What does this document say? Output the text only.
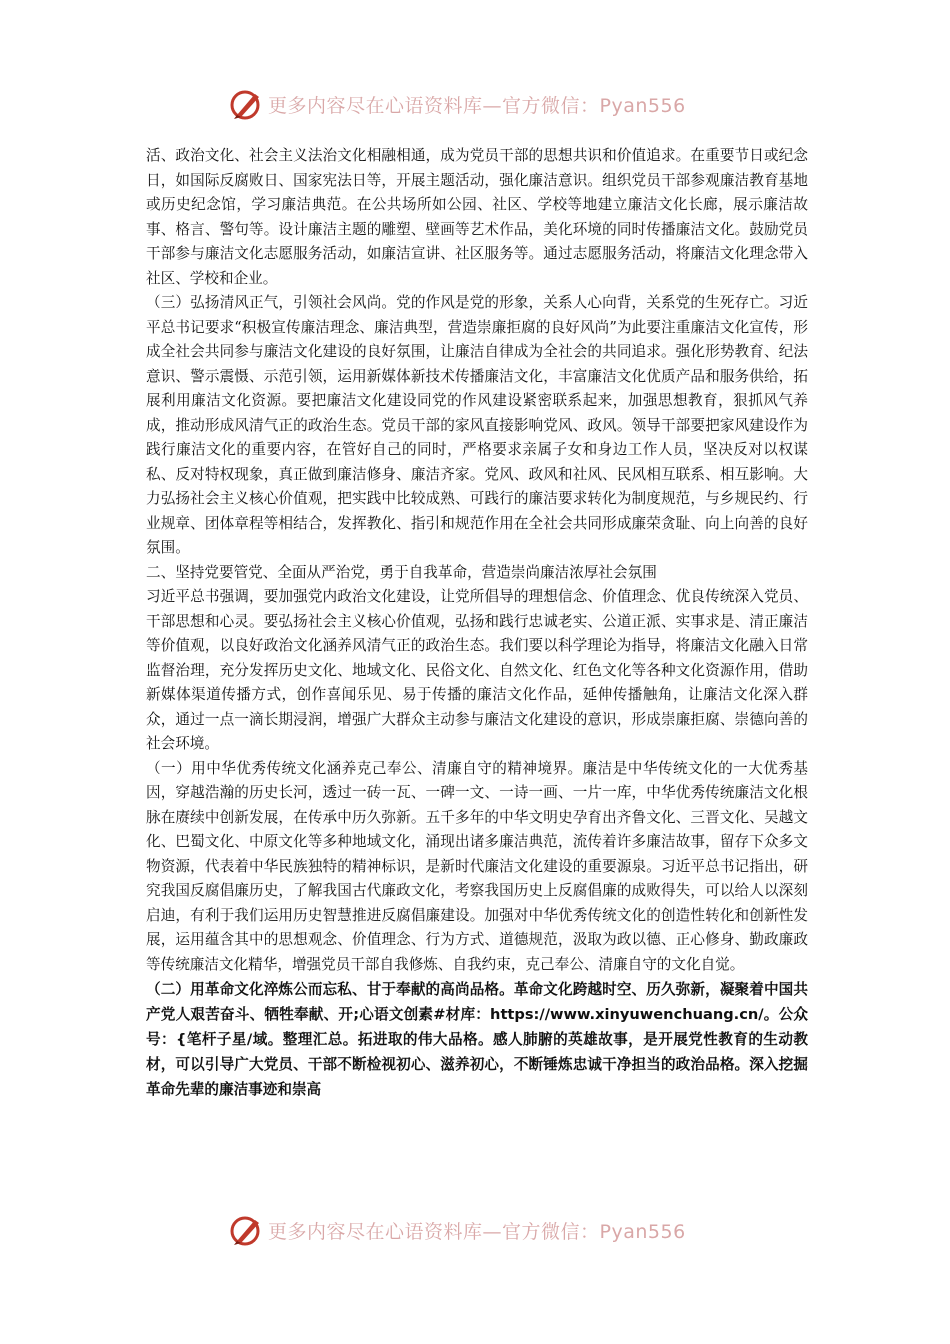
更多内容尽在心语资料库—官方微信：Pyan556

活、政治文化、社会主义法治文化相融相通，成为党员干部的思想共识和价值追求。在重要节日或纪念日，如国际反腐败日、国家宪法日等，开展主题活动，强化廉洁意识。组织党员干部参观廉洁教育基地或历史纪念馆，学习廉洁典范。在公共场所如公园、社区、学校等地建立廉洁文化长廊，展示廉洁故事、格言、警句等。设计廉洁主题的雕塑、壁画等艺术作品，美化环境的同时传播廉洁文化。鼓励党员干部参与廉洁文化志愿服务活动，如廉洁宣讲、社区服务等。通过志愿服务活动，将廉洁文化理念带入社区、学校和企业。

（三）弘扬清风正气，引领社会风尚。党的作风是党的形象，关系人心向背，关系党的生死存亡。习近平总书记要求“积极宣传廉洁理念、廉洁典型，营造崇廉拒腐的良好风尚”为此要注重廉洁文化宣传，形成全社会共同参与廉洁文化建设的良好氛围，让廉洁自律成为全社会的共同追求。强化形势教育、纪法意识、警示震慑、示范引领，运用新媒体新技术传播廉洁文化，丰富廉洁文化优质产品和服务供给，拓展利用廉洁文化资源。要把廉洁文化建设同党的作风建设紧密联系起来，加强思想教育，狠抓风气养成，推动形成风清气正的政治生态。党员干部的家风直接影响党风、政风。领导干部要把家风建设作为践行廉洁文化的重要内容，在管好自己的同时，严格要求亲属子女和身边工作人员，坚决反对以权谋私、反对特权现象，真正做到廉洁修身、廉洁齐家。党风、政风和社风、民风相互联系、相互影响。大力弘扬社会主义核心价值观，把实践中比较成熟、可践行的廉洁要求转化为制度规范，与乡规民约、行业规章、团体章程等相结合，发挥教化、指引和规范作用在全社会共同形成廉荣贪耻、向上向善的良好氛围。

二、坚持党要管党、全面从严治党，勇于自我革命，营造崇尚廉洁浓厚社会氛围

习近平总书强调，要加强党内政治文化建设，让党所倡导的理想信念、价值理念、优良传统深入党员、干部思想和心灵。要弘扬社会主义核心价值观，弘扬和践行忠诚老实、公道正派、实事求是、清正廉洁等价值观，以良好政治文化涵养风清气正的政治生态。我们要以科学理论为指导，将廉洁文化融入日常监督治理，充分发挥历史文化、地域文化、民俗文化、自然文化、红色文化等各种文化资源作用，借助新媒体渠道传播方式，创作喜闻乐见、易于传播的廉洁文化作品，延伸传播触角，让廉洁文化深入群众，通过一点一滴长期浸润，增强广大群众主动参与廉洁文化建设的意识，形成崇廉拒腐、崇德向善的社会环境。

（一）用中华优秀传统文化涵养克己奉公、清廉自守的精神境界。廉洁是中华传统文化的一大优秀基因，穿越浩瀚的历史长河，透过一砖一瓦、一碑一文、一诗一画、一片一库，中华优秀传统廉洁文化根脉在赓续中创新发展，在传承中历久弥新。五千多年的中华文明史孕育出齐鲁文化、三晋文化、吴越文化、巴蜀文化、中原文化等多种地域文化，涌现出诸多廉洁典范，流传着许多廉洁故事，留存下众多文物资源，代表着中华民族独特的精神标识，是新时代廉洁文化建设的重要源泉。习近平总书记指出，研究我国反腐倡廉历史，了解我国古代廉政文化，考察我国历史上反腐倡廉的成败得失，可以给人以深刻启迪，有利于我们运用历史智慧推进反腐倡廉建设。加强对中华优秀传统文化的创造性转化和创新性发展，运用蕴含其中的思想观念、价值理念、行为方式、道德规范，汲取为政以德、正心修身、勤政廉政等传统廉洁文化精华，增强党员干部自我修炼、自我约束，克己奉公、清廉自守的文化自觉。

（二）用革命文化淬炼公而忘私、甘于奉献的高尚品格。革命文化跨越时空、历久弥新，凝聚着中国共产党人艰苦奋斗、牺牲奉献、开;心语文创素#材库：https://www.xinyuwenchuang.cn/。公众号：{笔杆子星/域。整理汇总。拓进取的伟大品格。感人肺腑的英雄故事，是开展党性教育的生动教材，可以引导广大党员、干部不断检视初心、滋养初心，不断锤炼忠诚干净担当的政治品格。深入挖掘革命先辈的廉洁事迹和崇高

更多内容尽在心语资料库—官方微信：Pyan556
